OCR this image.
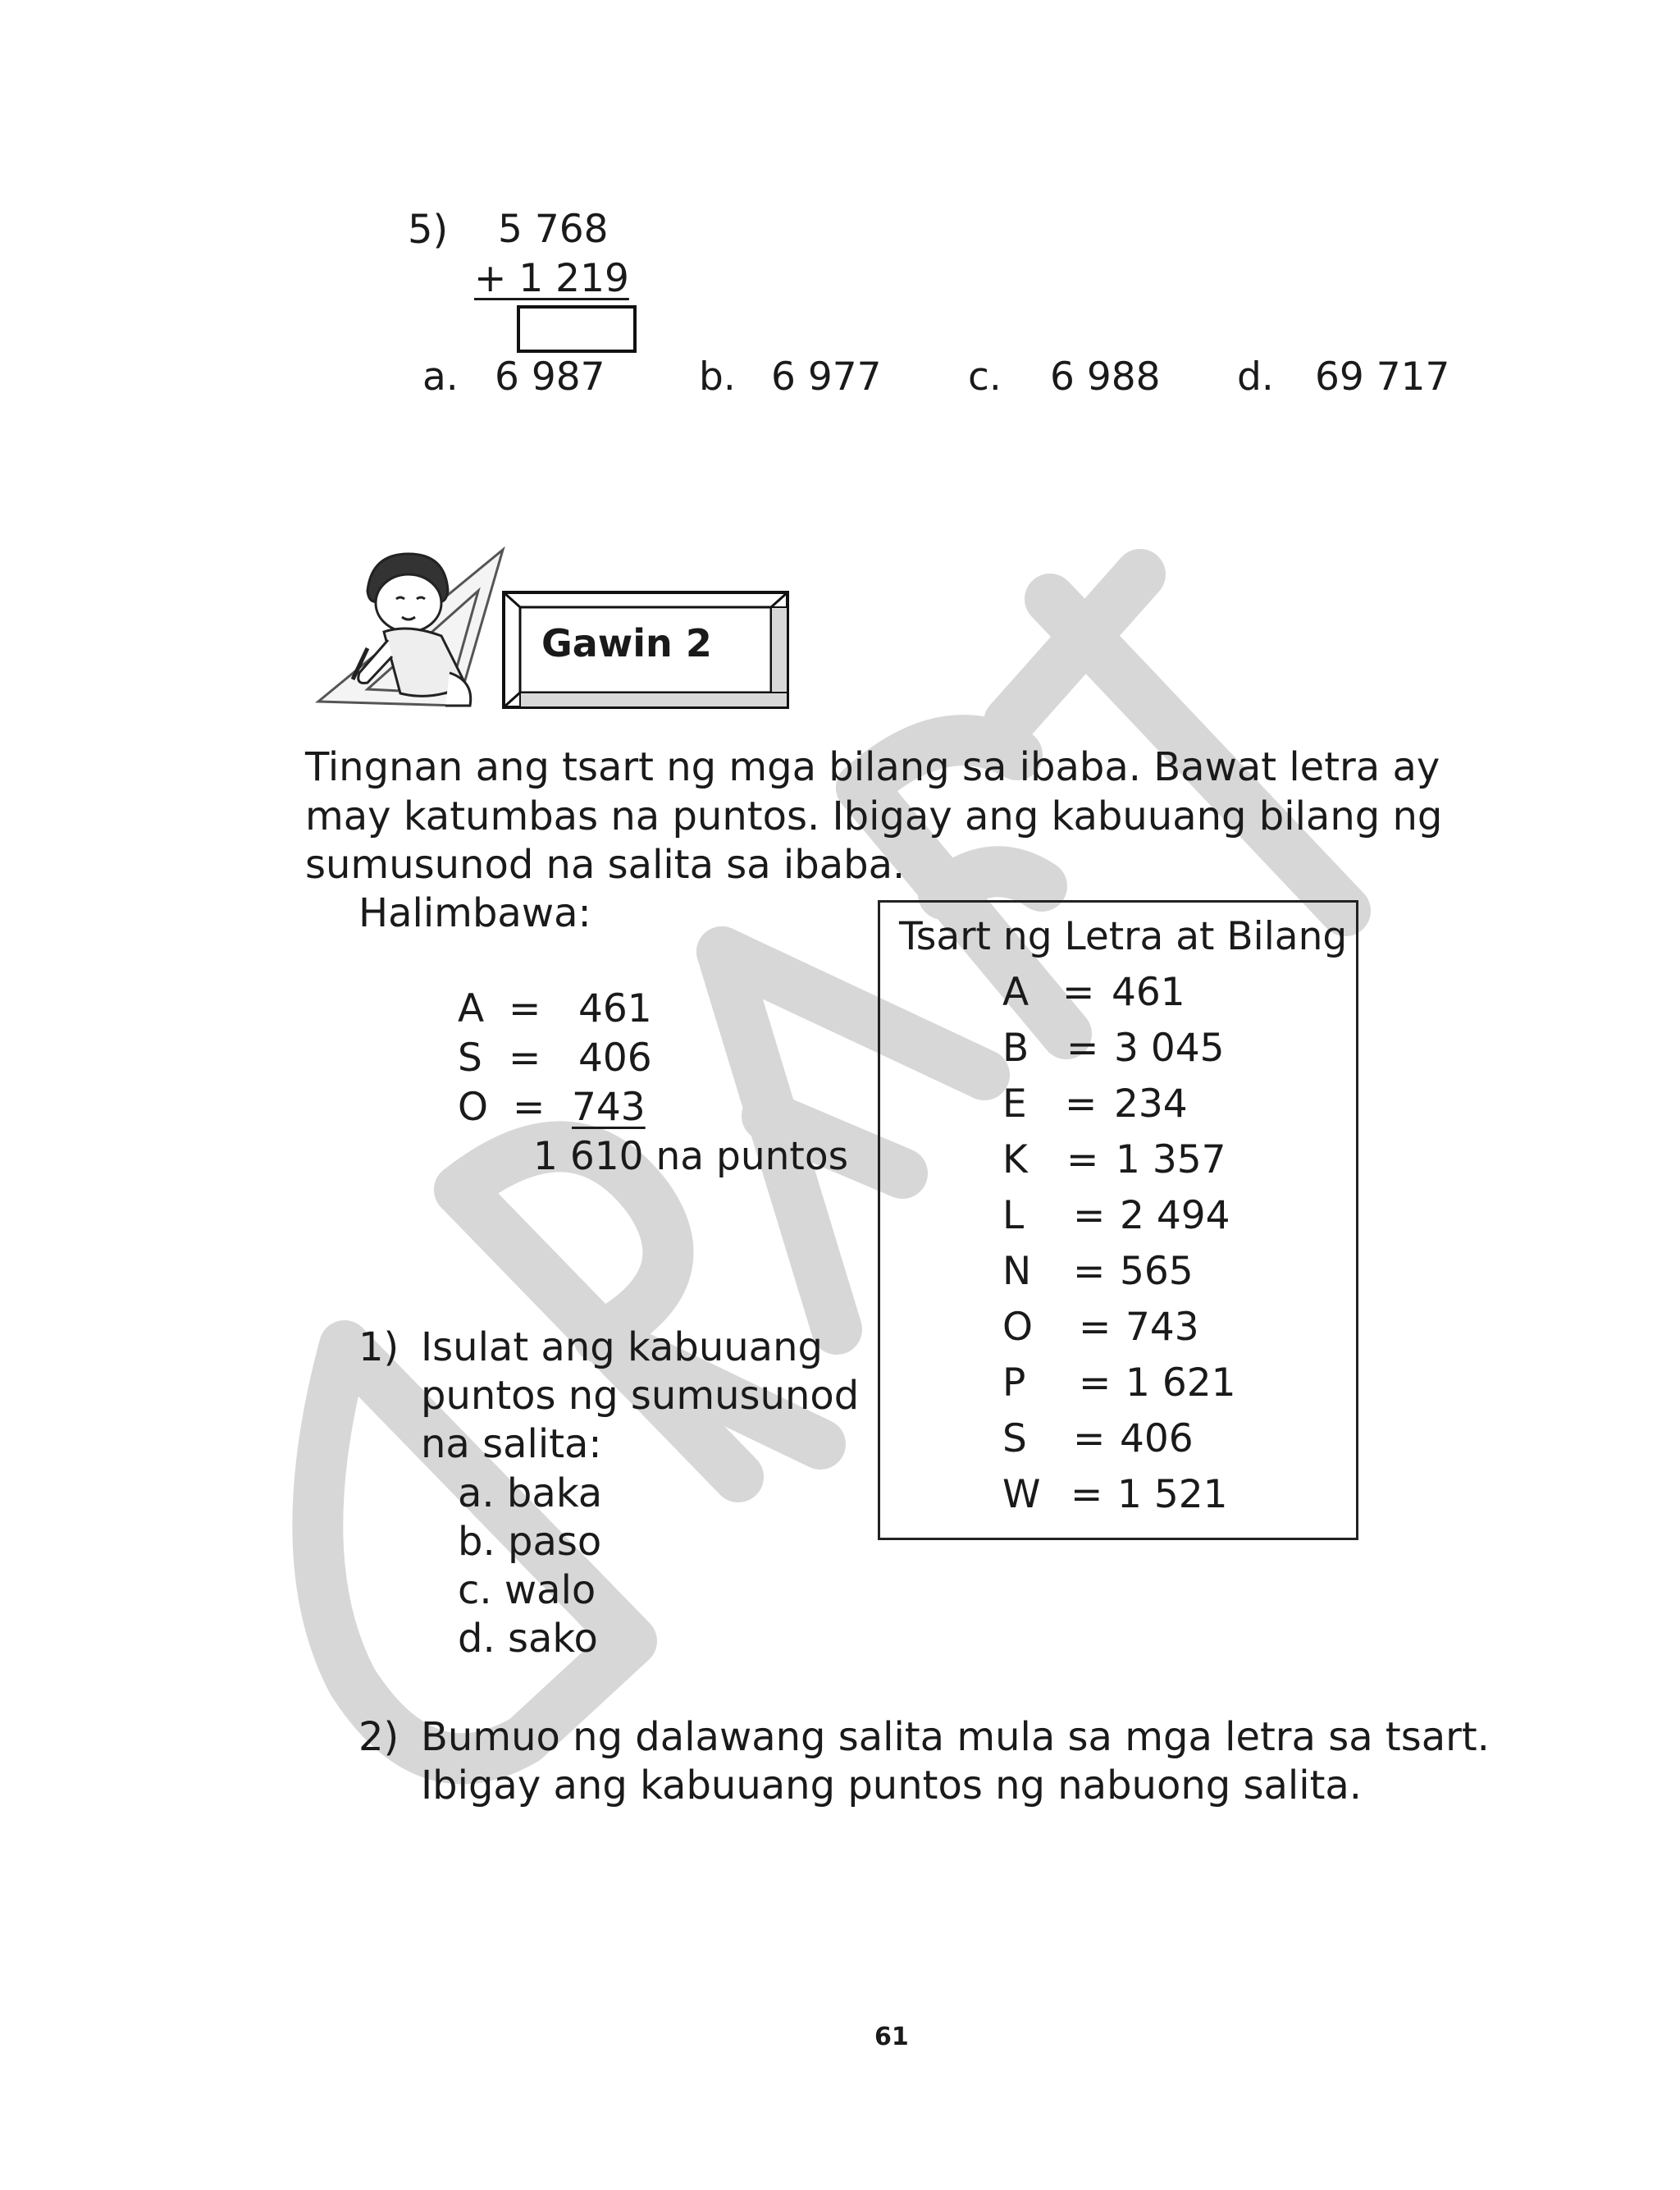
5) 5 768
+ 1 219
a. 6 987 b. 6 977 c. 6 988 d. 69 717
Gawin 2
Tingnan ang tsart ng mga bilang sa ibaba. Bawat letra ay
may katumbas na puntos. Ibigay ang kabuuang bilang ng
sumusunod na salita sa ibaba.
Halimbawa:
A = 461
S = 406
O = 743
1 610 na puntos
Tsart ng Letra at Bilang
A = 461
B = 3 045
E = 234
K = 1 357
L = 2 494
N = 565
O = 743
P = 1 621
S = 406
W = 1 521
1) Isulat ang kabuuang
puntos ng sumusunod
na salita:
a. baka
b. paso
c. walo
d. sako
2) Bumuo ng dalawang salita mula sa mga letra sa tsart.
Ibigay ang kabuuang puntos ng nabuong salita.
61
